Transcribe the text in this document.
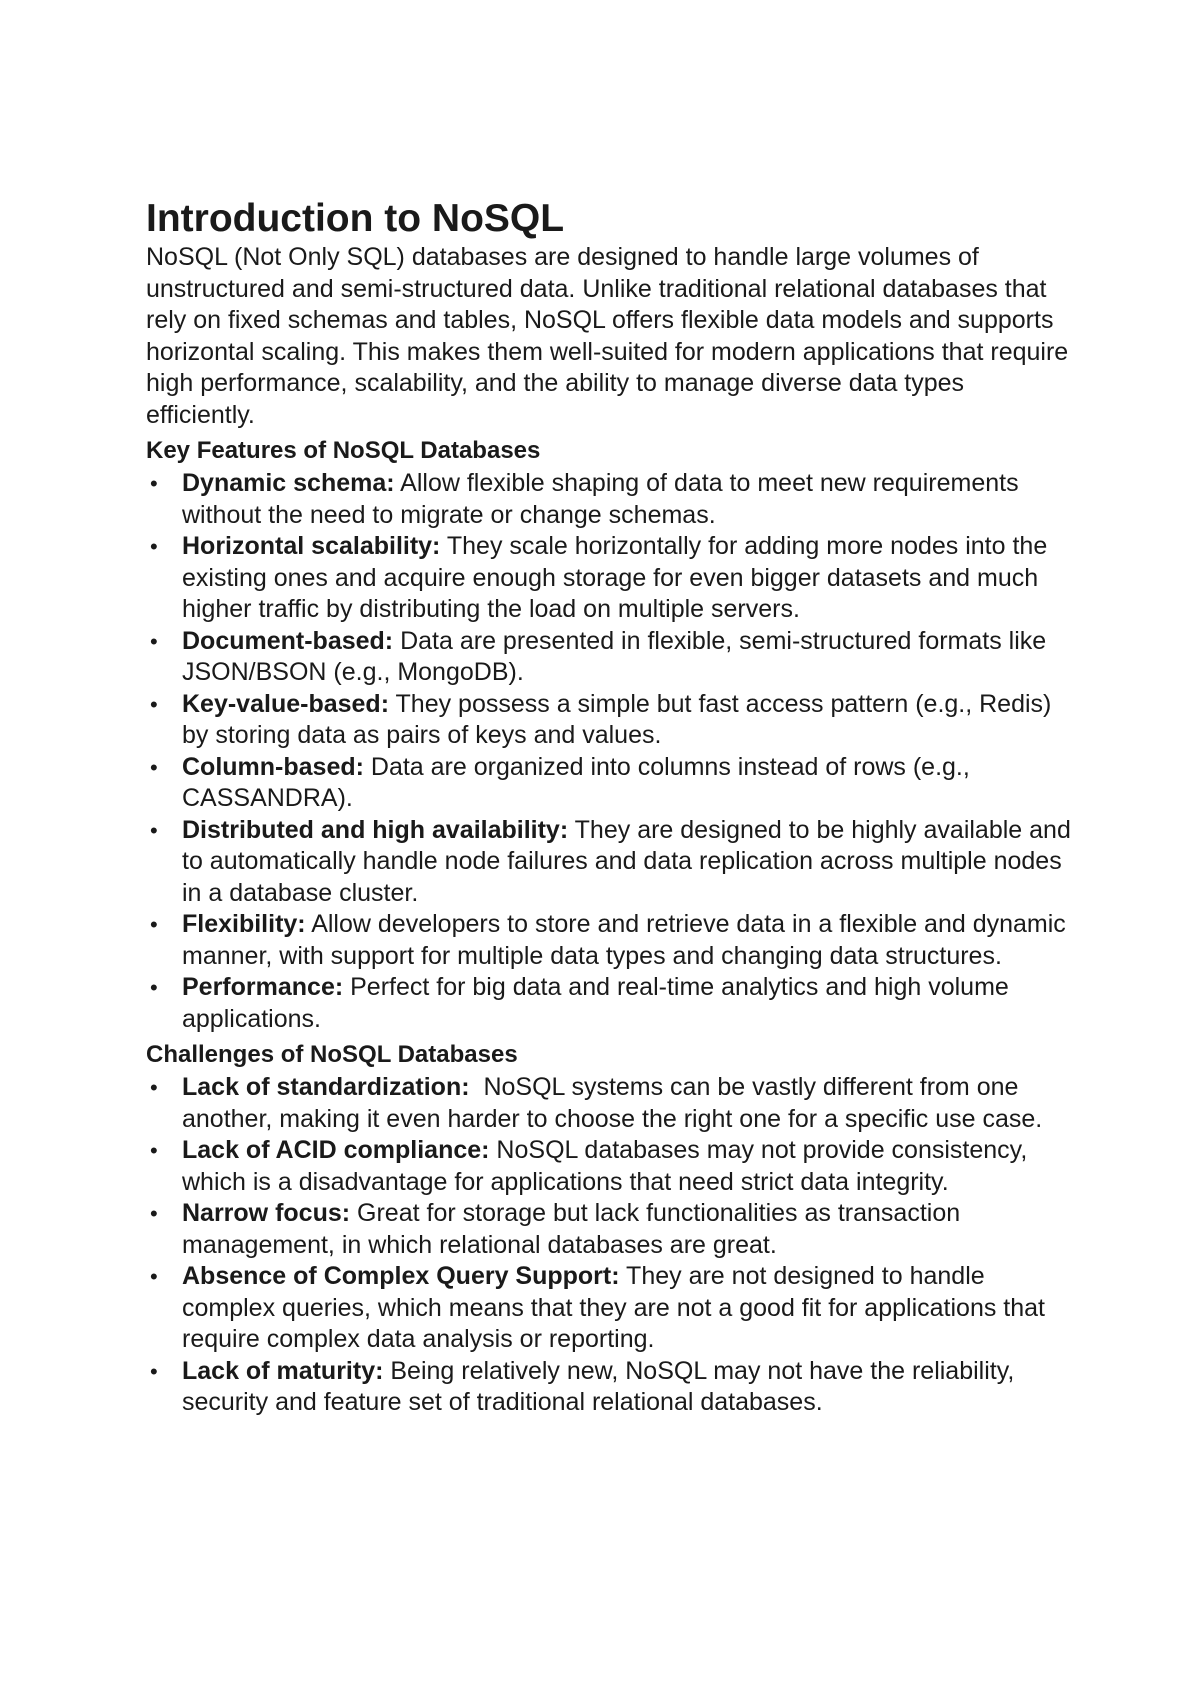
Introduction to NoSQL

NoSQL (Not Only SQL) databases are designed to handle large volumes of unstructured and semi-structured data. Unlike traditional relational databases that rely on fixed schemas and tables, NoSQL offers flexible data models and supports horizontal scaling. This makes them well-suited for modern applications that require high performance, scalability, and the ability to manage diverse data types efficiently.

Key Features of NoSQL Databases
• Dynamic schema: Allow flexible shaping of data to meet new requirements without the need to migrate or change schemas.
• Horizontal scalability: They scale horizontally for adding more nodes into the existing ones and acquire enough storage for even bigger datasets and much higher traffic by distributing the load on multiple servers.
• Document-based: Data are presented in flexible, semi-structured formats like JSON/BSON (e.g., MongoDB).
• Key-value-based: They possess a simple but fast access pattern (e.g., Redis) by storing data as pairs of keys and values.
• Column-based: Data are organized into columns instead of rows (e.g., CASSANDRA).
• Distributed and high availability: They are designed to be highly available and to automatically handle node failures and data replication across multiple nodes in a database cluster.
• Flexibility: Allow developers to store and retrieve data in a flexible and dynamic manner, with support for multiple data types and changing data structures.
• Performance: Perfect for big data and real-time analytics and high volume applications.
Challenges of NoSQL Databases
• Lack of standardization:  NoSQL systems can be vastly different from one another, making it even harder to choose the right one for a specific use case.
• Lack of ACID compliance: NoSQL databases may not provide consistency, which is a disadvantage for applications that need strict data integrity.
• Narrow focus: Great for storage but lack functionalities as transaction management, in which relational databases are great.
• Absence of Complex Query Support: They are not designed to handle complex queries, which means that they are not a good fit for applications that require complex data analysis or reporting.
• Lack of maturity: Being relatively new, NoSQL may not have the reliability, security and feature set of traditional relational databases.
